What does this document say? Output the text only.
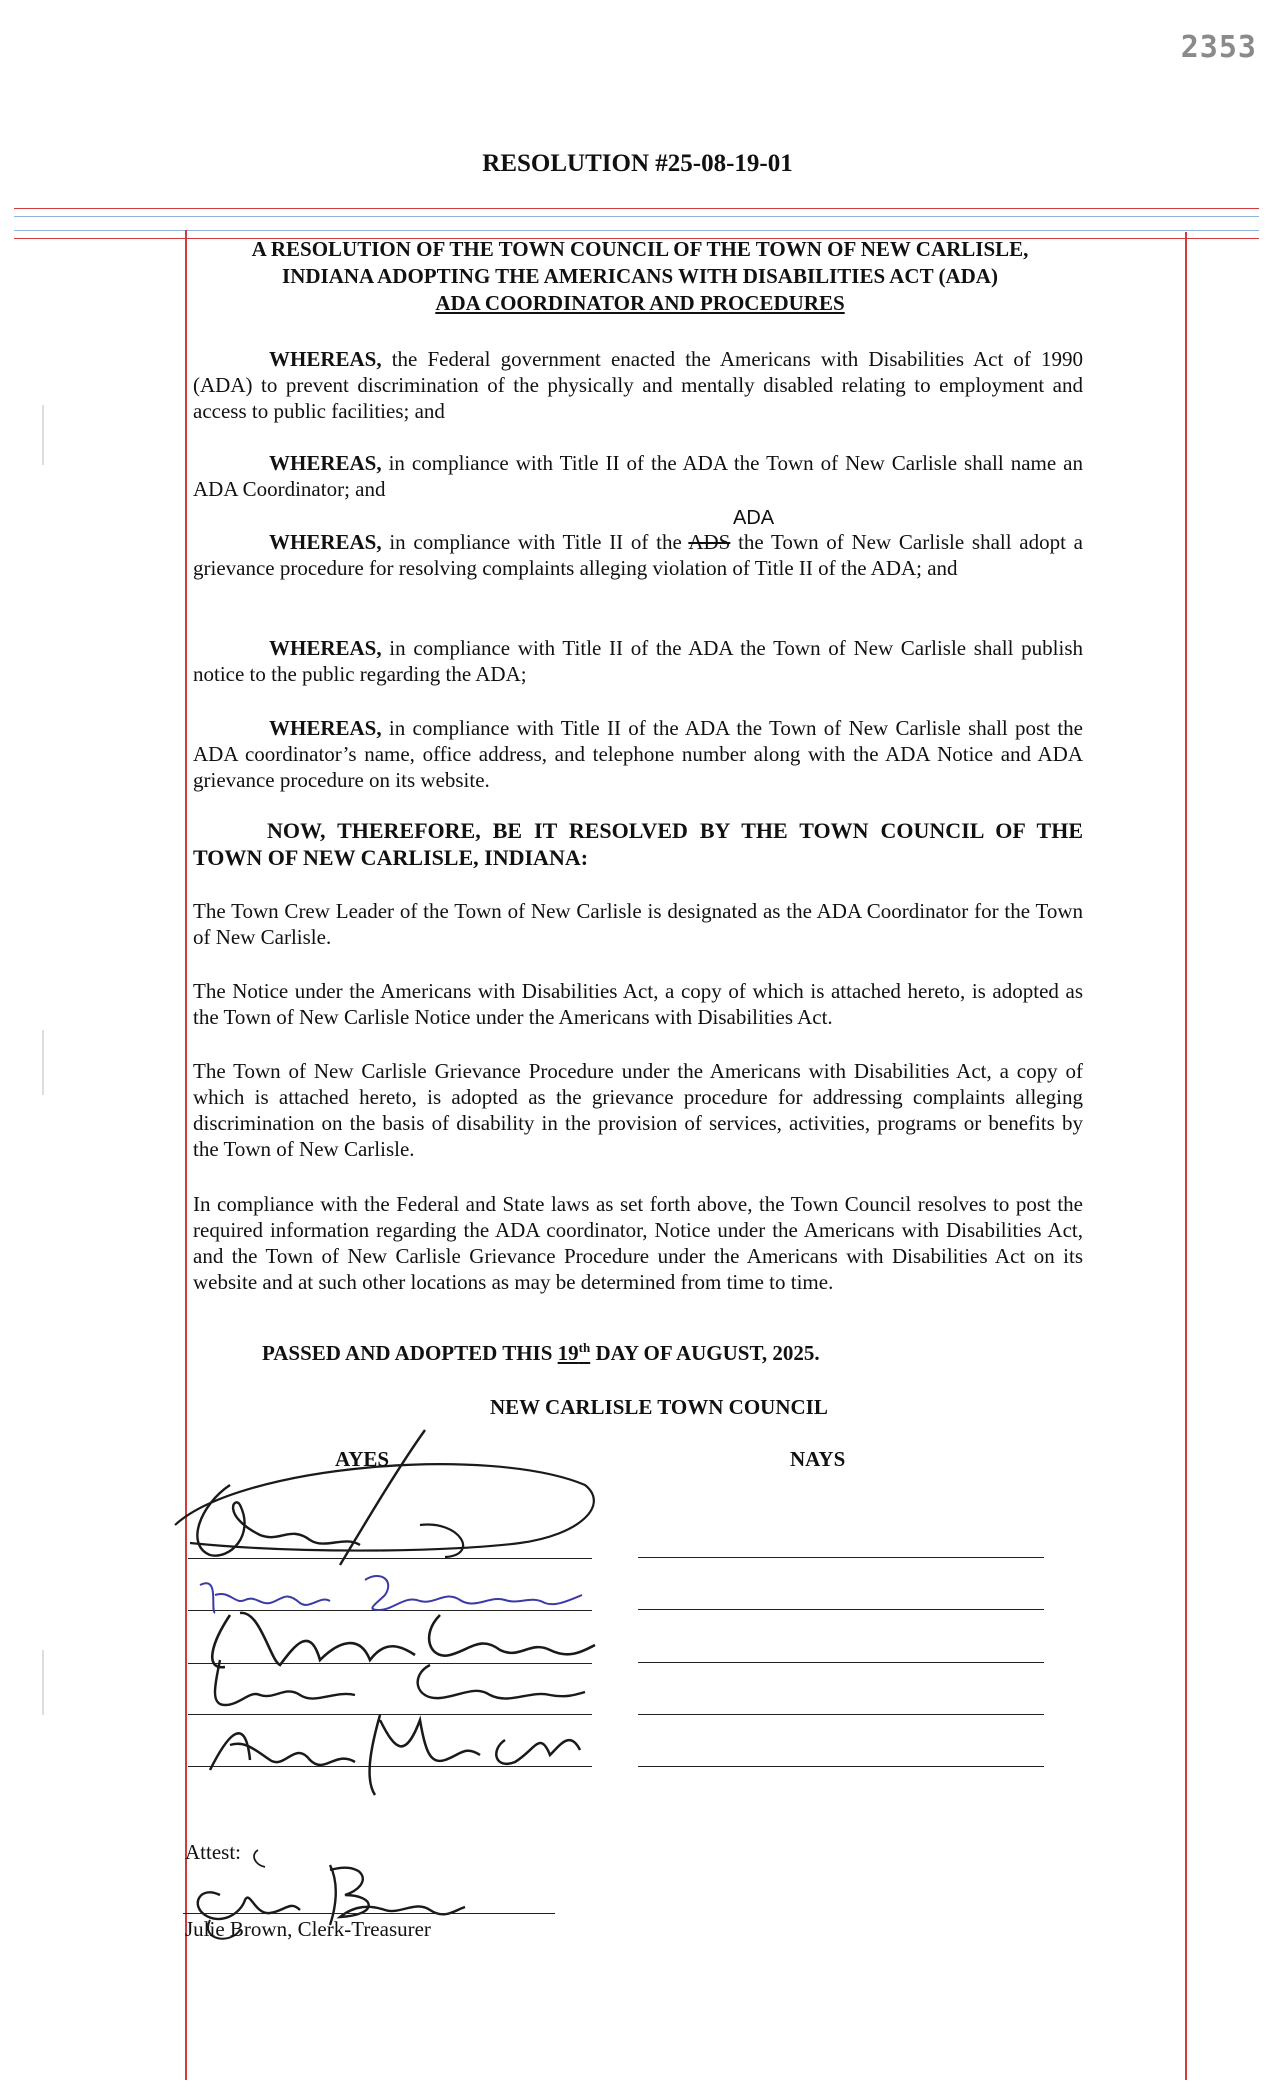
2353
RESOLUTION #25-08-19-01
A RESOLUTION OF THE TOWN COUNCIL OF THE TOWN OF NEW CARLISLE,
INDIANA ADOPTING THE AMERICANS WITH DISABILITIES ACT (ADA)
ADA COORDINATOR AND PROCEDURES
WHEREAS, the Federal government enacted the Americans with Disabilities Act of 1990 (ADA) to prevent discrimination of the physically and mentally disabled relating to employment and access to public facilities; and
WHEREAS, in compliance with Title II of the ADA the Town of New Carlisle shall name an ADA Coordinator; and
ADA
WHEREAS, in compliance with Title II of the ADS the Town of New Carlisle shall adopt a grievance procedure for resolving complaints alleging violation of Title II of the ADA; and
WHEREAS, in compliance with Title II of the ADA the Town of New Carlisle shall publish notice to the public regarding the ADA;
WHEREAS, in compliance with Title II of the ADA the Town of New Carlisle shall post the ADA coordinator’s name, office address, and telephone number along with the ADA Notice and ADA grievance procedure on its website.
NOW, THEREFORE, BE IT RESOLVED BY THE TOWN COUNCIL OF THE TOWN OF NEW CARLISLE, INDIANA:
The Town Crew Leader of the Town of New Carlisle is designated as the ADA Coordinator for the Town of New Carlisle.
The Notice under the Americans with Disabilities Act, a copy of which is attached hereto, is adopted as the Town of New Carlisle Notice under the Americans with Disabilities Act.
The Town of New Carlisle Grievance Procedure under the Americans with Disabilities Act, a copy of which is attached hereto, is adopted as the grievance procedure for addressing complaints alleging discrimination on the basis of disability in the provision of services, activities, programs or benefits by the Town of New Carlisle.
In compliance with the Federal and State laws as set forth above, the Town Council resolves to post the required information regarding the ADA coordinator, Notice under the Americans with Disabilities Act, and the Town of New Carlisle Grievance Procedure under the Americans with Disabilities Act on its website and at such other locations as may be determined from time to time.
PASSED AND ADOPTED THIS 19th DAY OF AUGUST, 2025.
NEW CARLISLE TOWN COUNCIL
AYES	NAYS
Attest:
Julie Brown, Clerk-Treasurer
